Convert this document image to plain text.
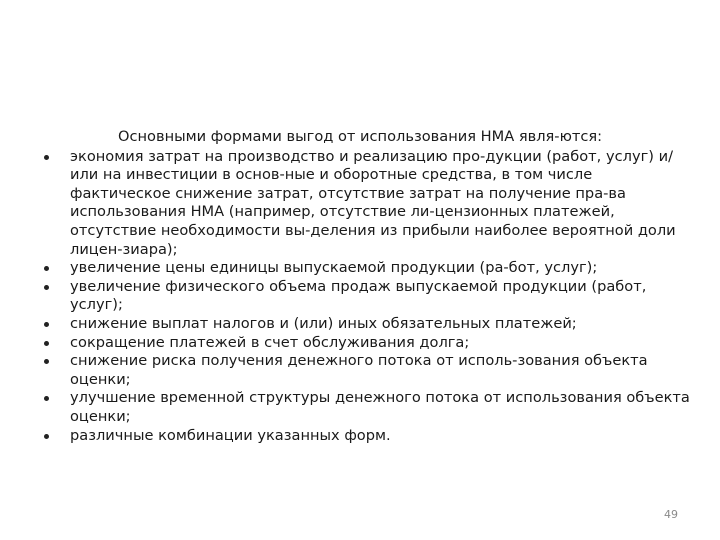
Основными формами выгод от использования НМА явля-ются:

экономия затрат на производство и реализацию про-дукции (работ, услуг) и/или на инвестиции в основ-ные и оборотные средства, в том числе фактическое снижение затрат, отсутствие затрат на получение пра-ва использования НМА (например, отсутствие ли-цензионных платежей, отсутствие необходимости вы-деления из прибыли наиболее вероятной доли лицен-зиара);
увеличение цены единицы выпускаемой продукции (ра-бот, услуг);
увеличение физического объема продаж выпускаемой продукции (работ, услуг);
снижение выплат налогов и (или) иных обязательных платежей;
сокращение платежей в счет обслуживания долга;
снижение риска получения денежного потока от исполь-зования объекта оценки;
улучшение временной структуры денежного потока от использования объекта оценки;
различные комбинации указанных форм.
49
